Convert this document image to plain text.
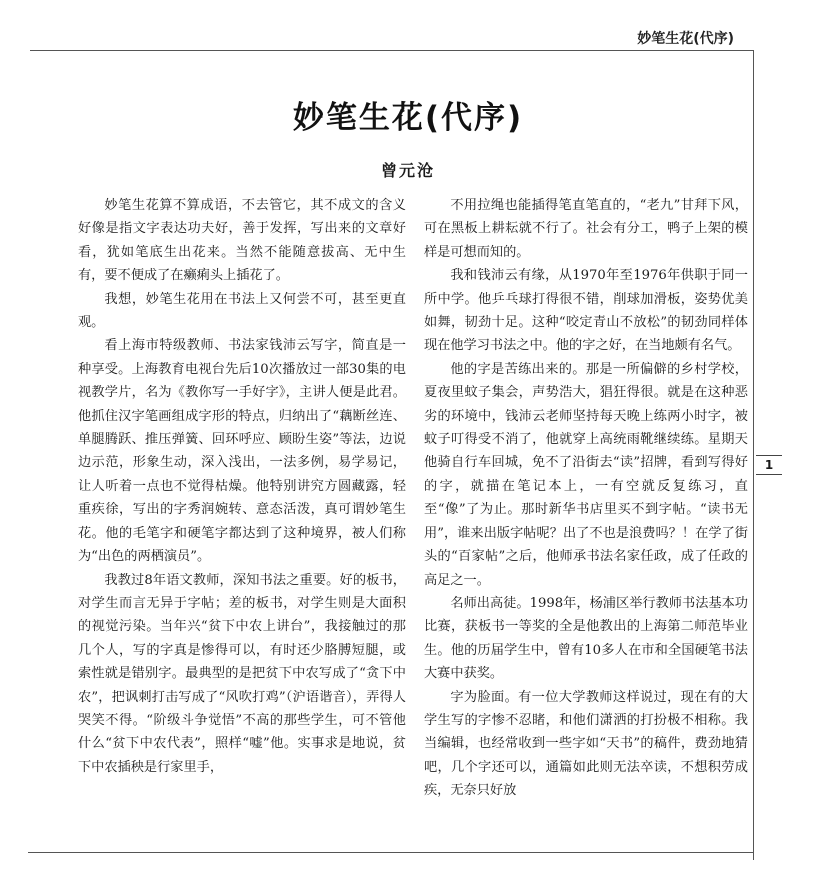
妙笔生花(代序)
1
妙笔生花(代序)
曾元沧

妙笔生花算不算成语，不去管它，其不成文的含义好像是指文字表达功夫好，善于发挥，写出来的文章好看，犹如笔底生出花来。当然不能随意拔高、无中生有，要不便成了在癞痢头上插花了。

我想，妙笔生花用在书法上又何尝不可，甚至更直观。

看上海市特级教师、书法家钱沛云写字，简直是一种享受。上海教育电视台先后10次播放过一部30集的电视教学片，名为《教你写一手好字》，主讲人便是此君。他抓住汉字笔画组成字形的特点，归纳出了“藕断丝连、单腿腾跃、推压弹簧、回环呼应、顾盼生姿”等法，边说边示范，形象生动，深入浅出，一法多例，易学易记，让人听着一点也不觉得枯燥。他特别讲究方圆藏露，轻重疾徐，写出的字秀润婉转、意态活泼，真可谓妙笔生花。他的毛笔字和硬笔字都达到了这种境界，被人们称为“出色的两栖演员”。

我教过8年语文教师，深知书法之重要。好的板书，对学生而言无异于字帖；差的板书，对学生则是大面积的视觉污染。当年兴“贫下中农上讲台”，我接触过的那几个人，写的字真是惨得可以，有时还少胳膊短腿，或索性就是错别字。最典型的是把贫下中农写成了“贪下中农”，把讽刺打击写成了“风吹打鸡”（沪语谐音），弄得人哭笑不得。“阶级斗争觉悟”不高的那些学生，可不管他什么“贫下中农代表”，照样“嘘”他。实事求是地说，贫下中农插秧是行家里手，

不用拉绳也能插得笔直笔直的，“老九”甘拜下风，可在黑板上耕耘就不行了。社会有分工，鸭子上架的模样是可想而知的。

我和钱沛云有缘，从1970年至1976年供职于同一所中学。他乒乓球打得很不错，削球加滑板，姿势优美如舞，韧劲十足。这种“咬定青山不放松”的韧劲同样体现在他学习书法之中。他的字之好，在当地颇有名气。

他的字是苦练出来的。那是一所偏僻的乡村学校，夏夜里蚊子集会，声势浩大，猖狂得很。就是在这种恶劣的环境中，钱沛云老师坚持每天晚上练两小时字，被蚊子叮得受不消了，他就穿上高统雨靴继续练。星期天他骑自行车回城，免不了沿街去“读”招牌，看到写得好的字，就描在笔记本上，一有空就反复练习，直至“像”了为止。那时新华书店里买不到字帖。“读书无用”，谁来出版字帖呢？出了不也是浪费吗？！在学了街头的“百家帖”之后，他师承书法名家任政，成了任政的高足之一。

名师出高徒。1998年，杨浦区举行教师书法基本功比赛，获板书一等奖的全是他教出的上海第二师范毕业生。他的历届学生中，曾有10多人在市和全国硬笔书法大赛中获奖。

字为脸面。有一位大学教师这样说过，现在有的大学生写的字惨不忍睹，和他们潇洒的打扮极不相称。我当编辑，也经常收到一些字如“天书”的稿件，费劲地猜吧，几个字还可以，通篇如此则无法卒读，不想积劳成疾，无奈只好放
